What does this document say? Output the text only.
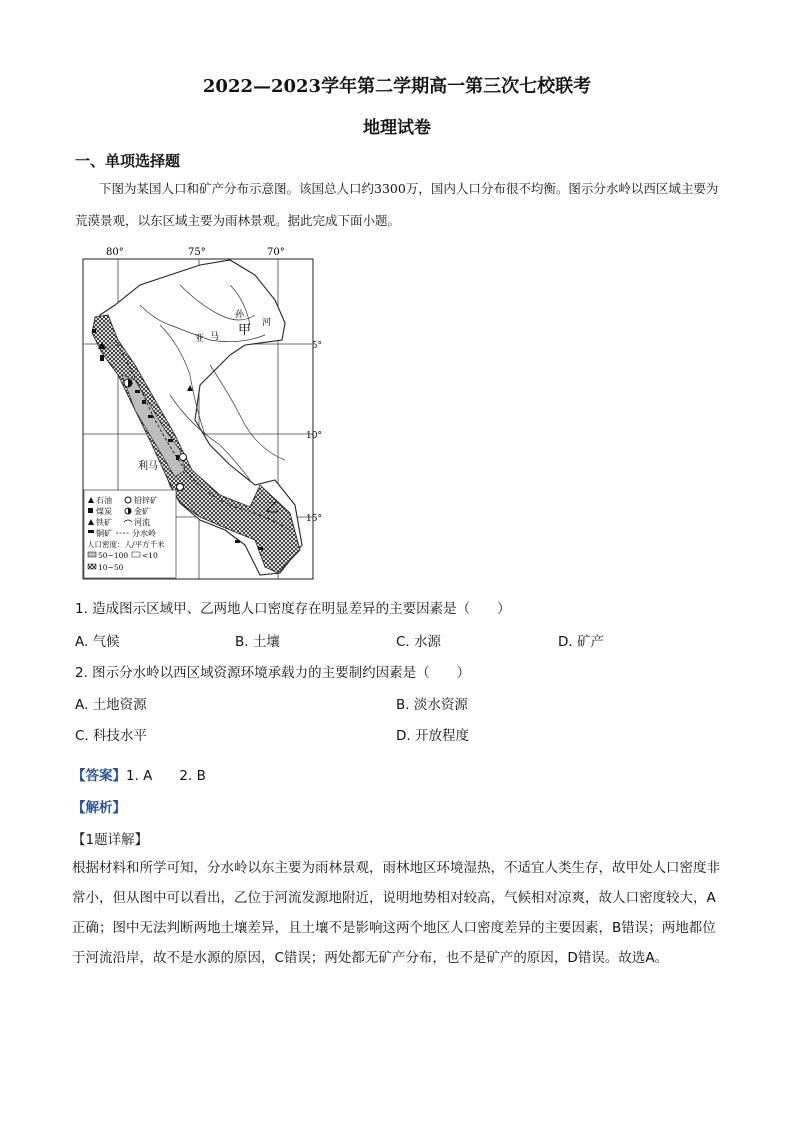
2022—2023学年第二学期高一第三次七校联考
地理试卷
一、单项选择题
下图为某国人口和矿产分布示意图。该国总人口约3300万，国内人口分布很不均衡。图示分水岭以西区域主要为荒漠景观，以东区域主要为雨林景观。据此完成下面小题。
80°	75°	70°
5°
10°
15°
甲
乙
利马
孙
河
亚 马
石油	铅锌矿
煤炭	金矿
铁矿	河流
铜矿	分水岭
人口密度：人/平方千米
50~100 <10
10~50
1. 造成图示区域甲、乙两地人口密度存在明显差异的主要因素是（　　）
A. 气候	B. 土壤	C. 水源	D. 矿产
2. 图示分水岭以西区域资源环境承载力的主要制约因素是（　　）
A. 土地资源	B. 淡水资源
C. 科技水平	D. 开放程度
【答案】1. A　　2. B
【解析】
【1题详解】
根据材料和所学可知，分水岭以东主要为雨林景观，雨林地区环境湿热，不适宜人类生存，故甲处人口密度非常小，但从图中可以看出，乙位于河流发源地附近，说明地势相对较高，气候相对凉爽，故人口密度较大，A正确；图中无法判断两地土壤差异，且土壤不是影响这两个地区人口密度差异的主要因素，B错误；两地都位于河流沿岸，故不是水源的原因，C错误；两处都无矿产分布，也不是矿产的原因，D错误。故选A。
